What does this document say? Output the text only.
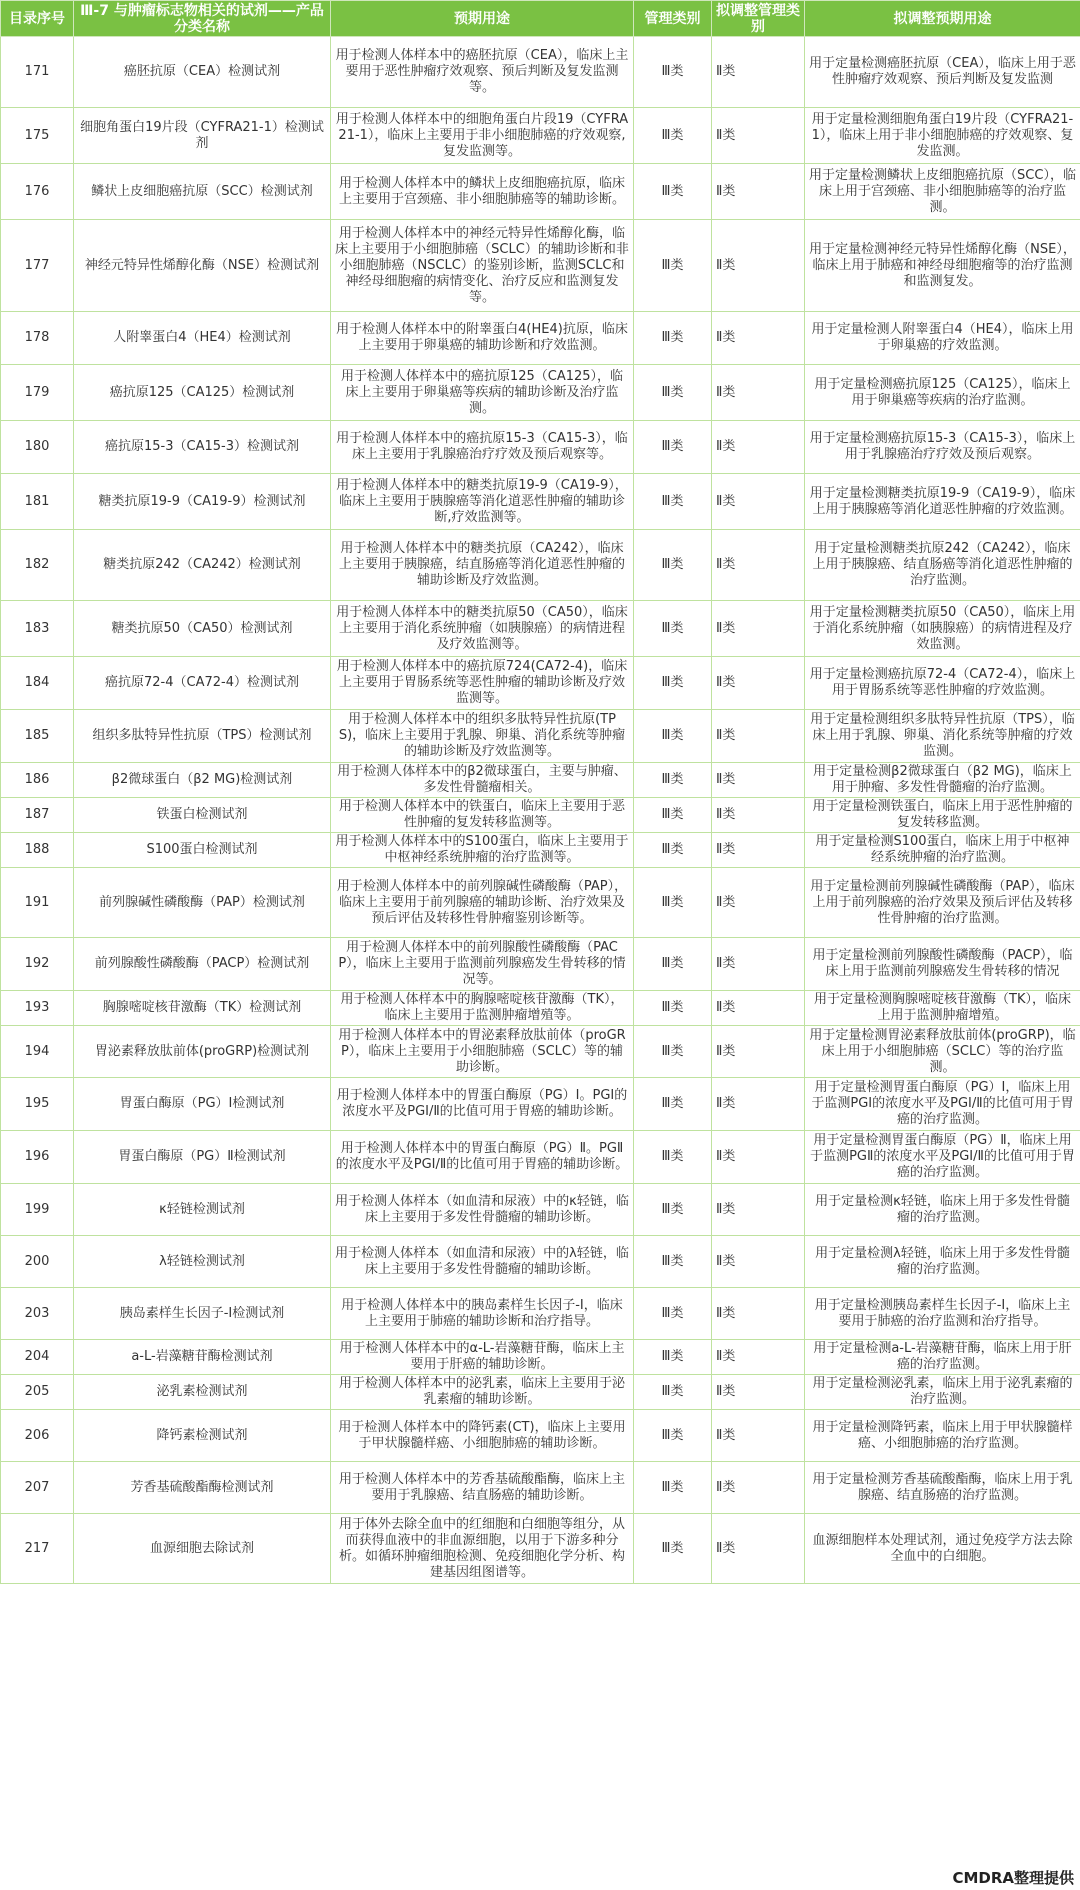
目录序号	Ⅲ-7 与肿瘤标志物相关的试剂——产品分类名称	预期用途	管理类别	拟调整管理类别	拟调整预期用途
171	癌胚抗原（CEA）检测试剂	用于检测人体样本中的癌胚抗原（CEA），临床上主要用于恶性肿瘤疗效观察、预后判断及复发监测等。	Ⅲ类	Ⅱ类	用于定量检测癌胚抗原（CEA），临床上用于恶性肿瘤疗效观察、预后判断及复发监测
175	细胞角蛋白19片段（CYFRA21-1）检测试剂	用于检测人体样本中的细胞角蛋白片段19（CYFRA21-1），临床上主要用于非小细胞肺癌的疗效观察,复发监测等。	Ⅲ类	Ⅱ类	用于定量检测细胞角蛋白19片段（CYFRA21-1），临床上用于非小细胞肺癌的疗效观察、复发监测。
176	鳞状上皮细胞癌抗原（SCC）检测试剂	用于检测人体样本中的鳞状上皮细胞癌抗原，临床上主要用于宫颈癌、非小细胞肺癌等的辅助诊断。	Ⅲ类	Ⅱ类	用于定量检测鳞状上皮细胞癌抗原（SCC），临床上用于宫颈癌、非小细胞肺癌等的治疗监测。
177	神经元特异性烯醇化酶（NSE）检测试剂	用于检测人体样本中的神经元特异性烯醇化酶，临床上主要用于小细胞肺癌（SCLC）的辅助诊断和非小细胞肺癌（NSCLC）的鉴别诊断，监测SCLC和神经母细胞瘤的病情变化、治疗反应和监测复发等。	Ⅲ类	Ⅱ类	用于定量检测神经元特异性烯醇化酶（NSE），临床上用于肺癌和神经母细胞瘤等的治疗监测和监测复发。
178	人附睾蛋白4（HE4）检测试剂	用于检测人体样本中的附睾蛋白4(HE4)抗原，临床上主要用于卵巢癌的辅助诊断和疗效监测。	Ⅲ类	Ⅱ类	用于定量检测人附睾蛋白4（HE4），临床上用于卵巢癌的疗效监测。
179	癌抗原125（CA125）检测试剂	用于检测人体样本中的癌抗原125（CA125），临床上主要用于卵巢癌等疾病的辅助诊断及治疗监测。	Ⅲ类	Ⅱ类	用于定量检测癌抗原125（CA125），临床上用于卵巢癌等疾病的治疗监测。
180	癌抗原15-3（CA15-3）检测试剂	用于检测人体样本中的癌抗原15-3（CA15-3），临床上主要用于乳腺癌治疗疗效及预后观察等。	Ⅲ类	Ⅱ类	用于定量检测癌抗原15-3（CA15-3），临床上用于乳腺癌治疗疗效及预后观察。
181	糖类抗原19-9（CA19-9）检测试剂	用于检测人体样本中的糖类抗原19-9（CA19-9），临床上主要用于胰腺癌等消化道恶性肿瘤的辅助诊断,疗效监测等。	Ⅲ类	Ⅱ类	用于定量检测糖类抗原19-9（CA19-9），临床上用于胰腺癌等消化道恶性肿瘤的疗效监测。
182	糖类抗原242（CA242）检测试剂	用于检测人体样本中的糖类抗原（CA242），临床上主要用于胰腺癌，结直肠癌等消化道恶性肿瘤的辅助诊断及疗效监测。	Ⅲ类	Ⅱ类	用于定量检测糖类抗原242（CA242），临床上用于胰腺癌、结直肠癌等消化道恶性肿瘤的治疗监测。
183	糖类抗原50（CA50）检测试剂	用于检测人体样本中的糖类抗原50（CA50），临床上主要用于消化系统肿瘤（如胰腺癌）的病情进程及疗效监测等。	Ⅲ类	Ⅱ类	用于定量检测糖类抗原50（CA50），临床上用于消化系统肿瘤（如胰腺癌）的病情进程及疗效监测。
184	癌抗原72-4（CA72-4）检测试剂	用于检测人体样本中的癌抗原724(CA72-4)，临床上主要用于胃肠系统等恶性肿瘤的辅助诊断及疗效监测等。	Ⅲ类	Ⅱ类	用于定量检测癌抗原72-4（CA72-4），临床上用于胃肠系统等恶性肿瘤的疗效监测。
185	组织多肽特异性抗原（TPS）检测试剂	用于检测人体样本中的组织多肽特异性抗原(TPS)，临床上主要用于乳腺、卵巢、消化系统等肿瘤的辅助诊断及疗效监测等。	Ⅲ类	Ⅱ类	用于定量检测组织多肽特异性抗原（TPS），临床上用于乳腺、卵巢、消化系统等肿瘤的疗效监测。
186	β2微球蛋白（β2 MG)检测试剂	用于检测人体样本中的β2微球蛋白，主要与肿瘤、多发性骨髓瘤相关。	Ⅲ类	Ⅱ类	用于定量检测β2微球蛋白（β2 MG)，临床上用于肿瘤、多发性骨髓瘤的治疗监测。
187	铁蛋白检测试剂	用于检测人体样本中的铁蛋白，临床上主要用于恶性肿瘤的复发转移监测等。	Ⅲ类	Ⅱ类	用于定量检测铁蛋白，临床上用于恶性肿瘤的复发转移监测。
188	S100蛋白检测试剂	用于检测人体样本中的S100蛋白，临床上主要用于中枢神经系统肿瘤的治疗监测等。	Ⅲ类	Ⅱ类	用于定量检测S100蛋白，临床上用于中枢神经系统肿瘤的治疗监测。
191	前列腺碱性磷酸酶（PAP）检测试剂	用于检测人体样本中的前列腺碱性磷酸酶（PAP），临床上主要用于前列腺癌的辅助诊断、治疗效果及预后评估及转移性骨肿瘤鉴别诊断等。	Ⅲ类	Ⅱ类	用于定量检测前列腺碱性磷酸酶（PAP），临床上用于前列腺癌的治疗效果及预后评估及转移性骨肿瘤的治疗监测。
192	前列腺酸性磷酸酶（PACP）检测试剂	用于检测人体样本中的前列腺酸性磷酸酶（PACP），临床上主要用于监测前列腺癌发生骨转移的情况等。	Ⅲ类	Ⅱ类	用于定量检测前列腺酸性磷酸酶（PACP），临床上用于监测前列腺癌发生骨转移的情况
193	胸腺嘧啶核苷激酶（TK）检测试剂	用于检测人体样本中的胸腺嘧啶核苷激酶（TK），临床上主要用于监测肿瘤增殖等。	Ⅲ类	Ⅱ类	用于定量检测胸腺嘧啶核苷激酶（TK），临床上用于监测肿瘤增殖。
194	胃泌素释放肽前体(proGRP)检测试剂	用于检测人体样本中的胃泌素释放肽前体（proGRP），临床上主要用于小细胞肺癌（SCLC）等的辅助诊断。	Ⅲ类	Ⅱ类	用于定量检测胃泌素释放肽前体(proGRP)，临床上用于小细胞肺癌（SCLC）等的治疗监测。
195	胃蛋白酶原（PG）Ⅰ检测试剂	用于检测人体样本中的胃蛋白酶原（PG）Ⅰ。PGⅠ的浓度水平及PGⅠ/Ⅱ的比值可用于胃癌的辅助诊断。	Ⅲ类	Ⅱ类	用于定量检测胃蛋白酶原（PG）Ⅰ，临床上用于监测PGⅠ的浓度水平及PGⅠ/Ⅱ的比值可用于胃癌的治疗监测。
196	胃蛋白酶原（PG）Ⅱ检测试剂	用于检测人体样本中的胃蛋白酶原（PG）Ⅱ。PGⅡ的浓度水平及PGⅠ/Ⅱ的比值可用于胃癌的辅助诊断。	Ⅲ类	Ⅱ类	用于定量检测胃蛋白酶原（PG）Ⅱ，临床上用于监测PGⅡ的浓度水平及PGⅠ/Ⅱ的比值可用于胃癌的治疗监测。
199	κ轻链检测试剂	用于检测人体样本（如血清和尿液）中的κ轻链，临床上主要用于多发性骨髓瘤的辅助诊断。	Ⅲ类	Ⅱ类	用于定量检测κ轻链，临床上用于多发性骨髓瘤的治疗监测。
200	λ轻链检测试剂	用于检测人体样本（如血清和尿液）中的λ轻链，临床上主要用于多发性骨髓瘤的辅助诊断。	Ⅲ类	Ⅱ类	用于定量检测λ轻链，临床上用于多发性骨髓瘤的治疗监测。
203	胰岛素样生长因子-Ⅰ检测试剂	用于检测人体样本中的胰岛素样生长因子-Ⅰ，临床上主要用于肺癌的辅助诊断和治疗指导。	Ⅲ类	Ⅱ类	用于定量检测胰岛素样生长因子-Ⅰ，临床上主要用于肺癌的治疗监测和治疗指导。
204	a-L-岩藻糖苷酶检测试剂	用于检测人体样本中的α-L-岩藻糖苷酶，临床上主要用于肝癌的辅助诊断。	Ⅲ类	Ⅱ类	用于定量检测a-L-岩藻糖苷酶，临床上用于肝癌的治疗监测。
205	泌乳素检测试剂	用于检测人体样本中的泌乳素，临床上主要用于泌乳素瘤的辅助诊断。	Ⅲ类	Ⅱ类	用于定量检测泌乳素，临床上用于泌乳素瘤的治疗监测。
206	降钙素检测试剂	用于检测人体样本中的降钙素(CT)，临床上主要用于甲状腺髓样癌、小细胞肺癌的辅助诊断。	Ⅲ类	Ⅱ类	用于定量检测降钙素，临床上用于甲状腺髓样癌、小细胞肺癌的治疗监测。
207	芳香基硫酸酯酶检测试剂	用于检测人体样本中的芳香基硫酸酯酶，临床上主要用于乳腺癌、结直肠癌的辅助诊断。	Ⅲ类	Ⅱ类	用于定量检测芳香基硫酸酯酶，临床上用于乳腺癌、结直肠癌的治疗监测。
217	血源细胞去除试剂	用于体外去除全血中的红细胞和白细胞等组分，从而获得血液中的非血源细胞，以用于下游多种分析。如循环肿瘤细胞检测、免疫细胞化学分析、构建基因组图谱等。	Ⅲ类	Ⅱ类	血源细胞样本处理试剂，通过免疫学方法去除全血中的白细胞。
CMDRA整理提供
